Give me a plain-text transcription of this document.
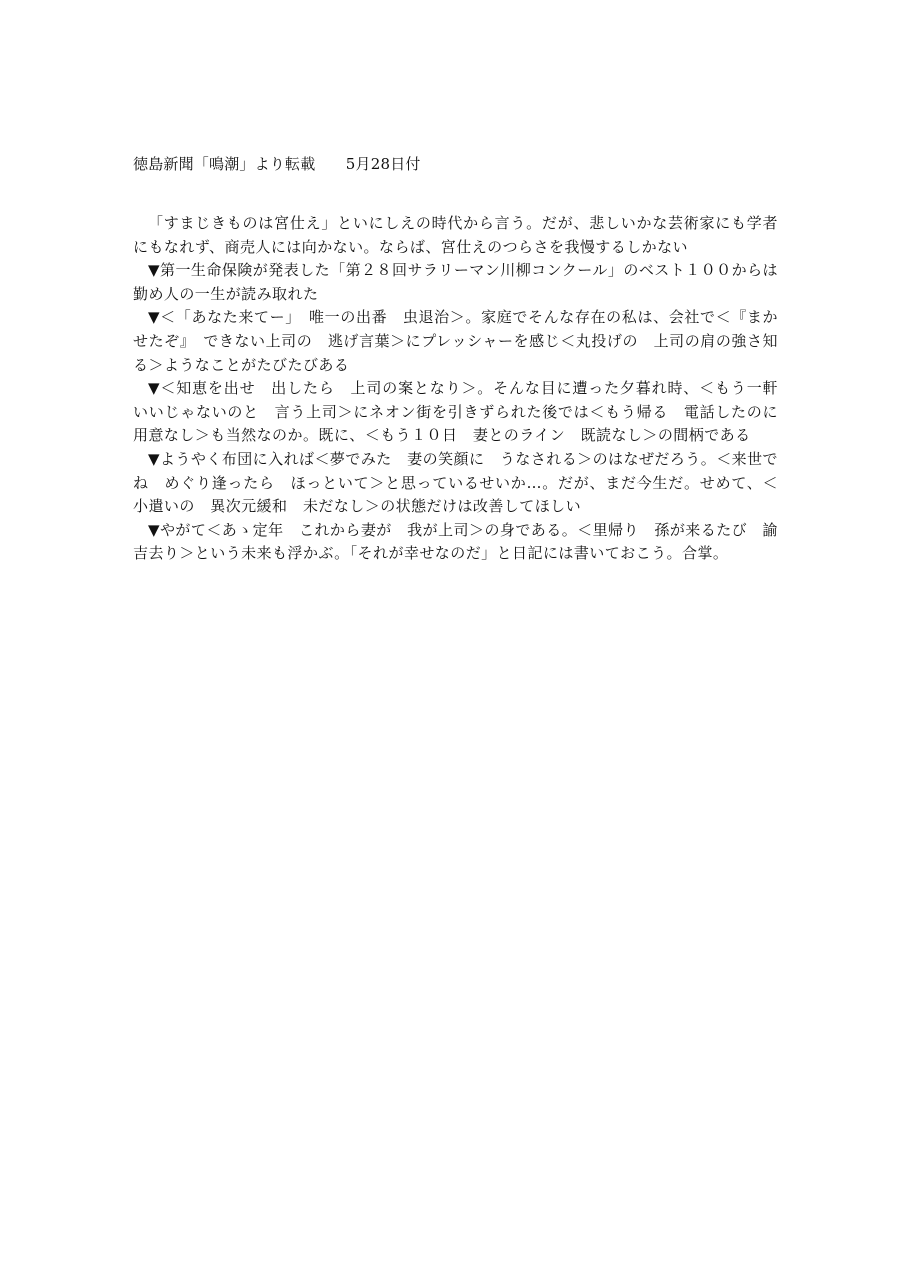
徳島新聞「鳴潮」より転載　　5月28日付

「すまじきものは宮仕え」といにしえの時代から言う。だが、悲しいかな芸術家にも学者にもなれず、商売人には向かない。ならば、宮仕えのつらさを我慢するしかない

▼第一生命保険が発表した「第２８回サラリーマン川柳コンクール」のベスト１００からは勤め人の一生が読み取れた

▼＜「あなた来てー」　唯一の出番　虫退治＞。家庭でそんな存在の私は、会社で＜『まかせたぞ』　できない上司の　逃げ言葉＞にプレッシャーを感じ＜丸投げの　上司の肩の強さ知る＞ようなことがたびたびある

▼＜知恵を出せ　出したら　上司の案となり＞。そんな目に遭った夕暮れ時、＜もう一軒　いいじゃないのと　言う上司＞にネオン街を引きずられた後では＜もう帰る　電話したのに　用意なし＞も当然なのか。既に、＜もう１０日　妻とのライン　既読なし＞の間柄である

▼ようやく布団に入れば＜夢でみた　妻の笑顔に　うなされる＞のはなぜだろう。＜来世でね　めぐり逢ったら　ほっといて＞と思っているせいか…。だが、まだ今生だ。せめて、＜小遣いの　異次元緩和　未だなし＞の状態だけは改善してほしい

▼やがて＜あゝ定年　これから妻が　我が上司＞の身である。＜里帰り　孫が来るたび　諭吉去り＞という未来も浮かぶ。「それが幸せなのだ」と日記には書いておこう。合掌。
